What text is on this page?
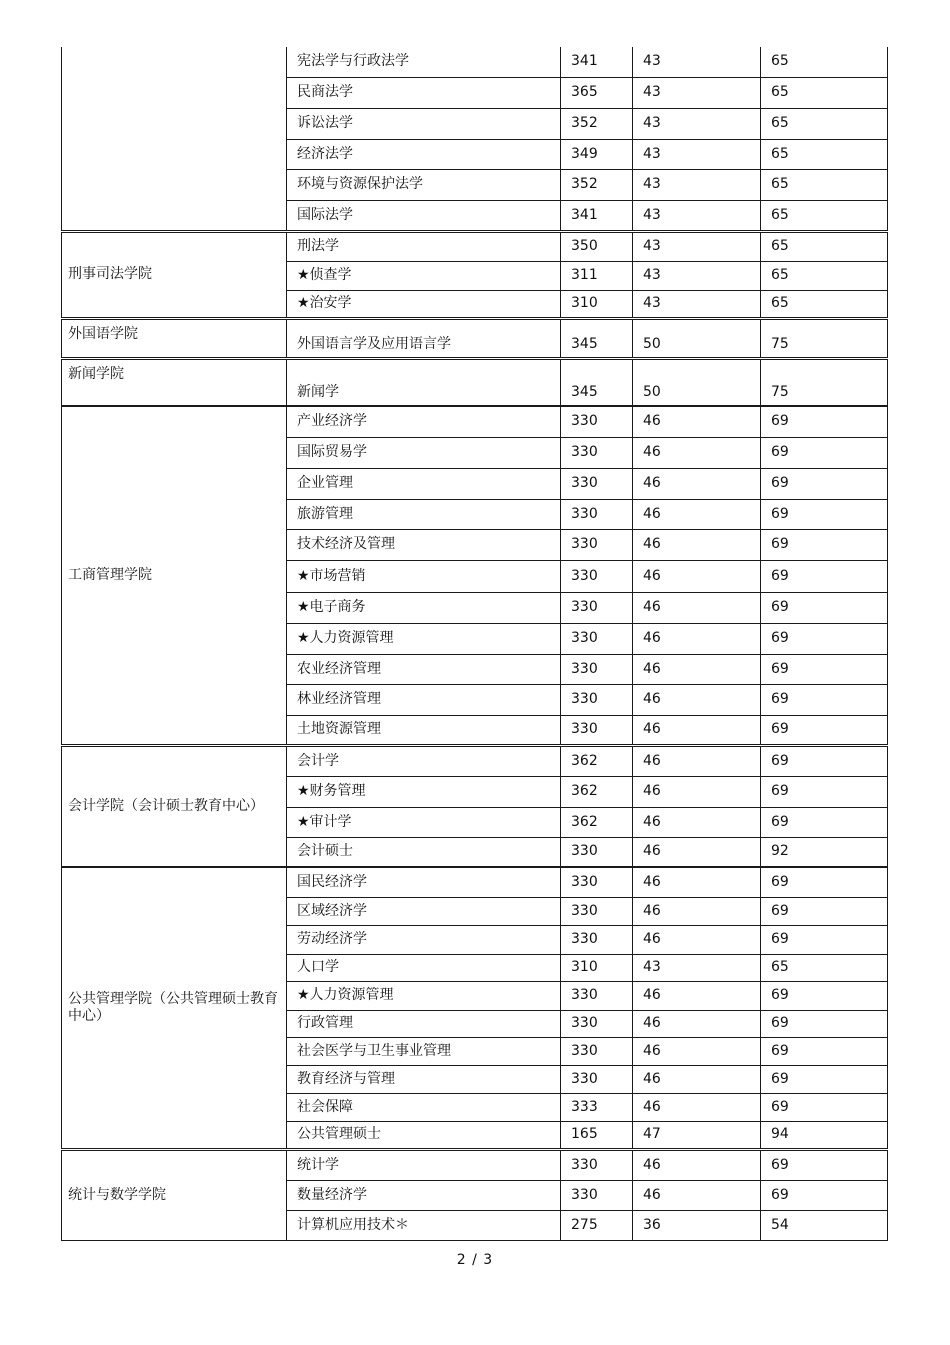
	宪法学与行政法学	341	43	65
	民商法学	365	43	65
	诉讼法学	352	43	65
	经济法学	349	43	65
	环境与资源保护法学	352	43	65
	国际法学	341	43	65
刑事司法学院	刑法学	350	43	65
	★侦查学	311	43	65
	★治安学	310	43	65
外国语学院	外国语言学及应用语言学	345	50	75
新闻学院	新闻学	345	50	75
工商管理学院	产业经济学	330	46	69
	国际贸易学	330	46	69
	企业管理	330	46	69
	旅游管理	330	46	69
	技术经济及管理	330	46	69
	★市场营销	330	46	69
	★电子商务	330	46	69
	★人力资源管理	330	46	69
	农业经济管理	330	46	69
	林业经济管理	330	46	69
	土地资源管理	330	46	69
会计学院（会计硕士教育中心）	会计学	362	46	69
	★财务管理	362	46	69
	★审计学	362	46	69
	会计硕士	330	46	92
公共管理学院（公共管理硕士教育中心）	国民经济学	330	46	69
	区域经济学	330	46	69
	劳动经济学	330	46	69
	人口学	310	43	65
	★人力资源管理	330	46	69
	行政管理	330	46	69
	社会医学与卫生事业管理	330	46	69
	教育经济与管理	330	46	69
	社会保障	333	46	69
	公共管理硕士	165	47	94
统计与数学学院	统计学	330	46	69
	数量经济学	330	46	69
	计算机应用技术＊	275	36	54
2 / 3
